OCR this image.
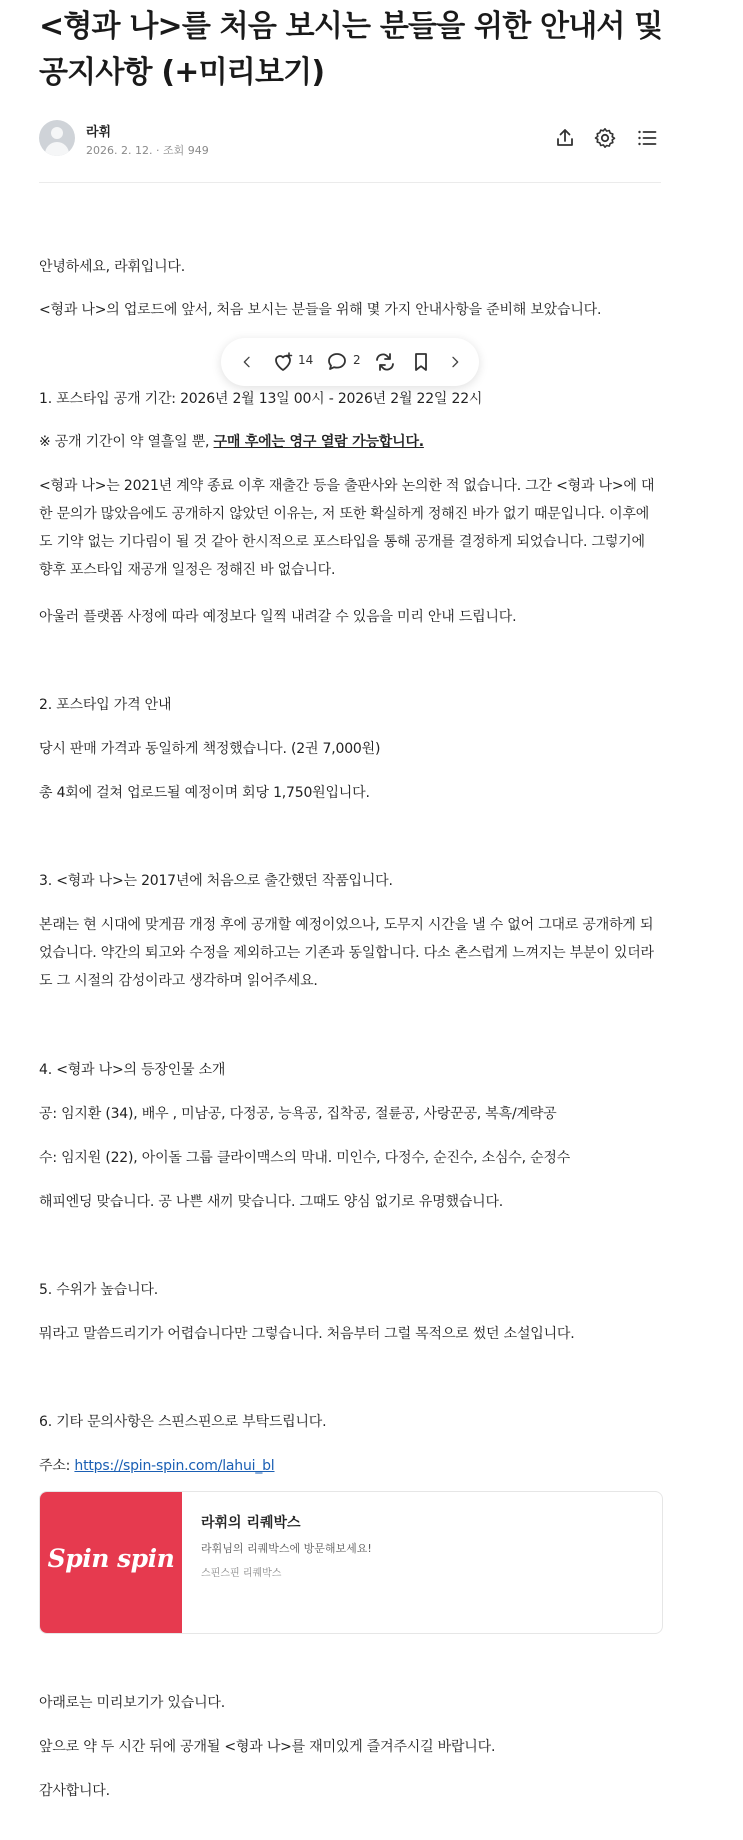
<형과 나>를 처음 보시는 분들을 위한 안내서 및 공지사항 (+미리보기)
라휘
2026. 2. 12. · 조회 949

안녕하세요, 라휘입니다.

<형과 나>의 업로드에 앞서, 처음 보시는 분들을 위해 몇 가지 안내사항을 준비해 보았습니다.

1. 포스타입 공개 기간: 2026년 2월 13일 00시 - 2026년 2월 22일 22시

※ 공개 기간이 약 열흘일 뿐, 구매 후에는 영구 열람 가능합니다.

<형과 나>는 2021년 계약 종료 이후 재출간 등을 출판사와 논의한 적 없습니다. 그간 <형과 나>에 대한 문의가 많았음에도 공개하지 않았던 이유는, 저 또한 확실하게 정해진 바가 없기 때문입니다. 이후에도 기약 없는 기다림이 될 것 같아 한시적으로 포스타입을 통해 공개를 결정하게 되었습니다. 그렇기에 향후 포스타입 재공개 일정은 정해진 바 없습니다.

아울러 플랫폼 사정에 따라 예정보다 일찍 내려갈 수 있음을 미리 안내 드립니다.

2. 포스타입 가격 안내

당시 판매 가격과 동일하게 책정했습니다. (2권 7,000원)

총 4회에 걸쳐 업로드될 예정이며 회당 1,750원입니다.

3. <형과 나>는 2017년에 처음으로 출간했던 작품입니다.

본래는 현 시대에 맞게끔 개정 후에 공개할 예정이었으나, 도무지 시간을 낼 수 없어 그대로 공개하게 되었습니다. 약간의 퇴고와 수정을 제외하고는 기존과 동일합니다. 다소 촌스럽게 느껴지는 부분이 있더라도 그 시절의 감성이라고 생각하며 읽어주세요.

4. <형과 나>의 등장인물 소개

공: 임지환 (34), 배우 , 미남공, 다정공, 능욕공, 집착공, 절륜공, 사랑꾼공, 복흑/계략공

수: 임지원 (22), 아이돌 그룹 클라이맥스의 막내. 미인수, 다정수, 순진수, 소심수, 순정수

해피엔딩 맞습니다. 공 나쁜 새끼 맞습니다. 그때도 양심 없기로 유명했습니다.

5. 수위가 높습니다.

뭐라고 말씀드리기가 어렵습니다만 그렇습니다. 처음부터 그럴 목적으로 썼던 소설입니다.

6. 기타 문의사항은 스핀스핀으로 부탁드립니다.

주소: https://spin-spin.com/lahui_bl

Spin spin
라휘의 리퀘박스
라휘님의 리퀘박스에 방문해보세요!
스핀스핀 리퀘박스

아래로는 미리보기가 있습니다.

앞으로 약 두 시간 뒤에 공개될 <형과 나>를 재미있게 즐겨주시길 바랍니다.

감사합니다.

14	2
